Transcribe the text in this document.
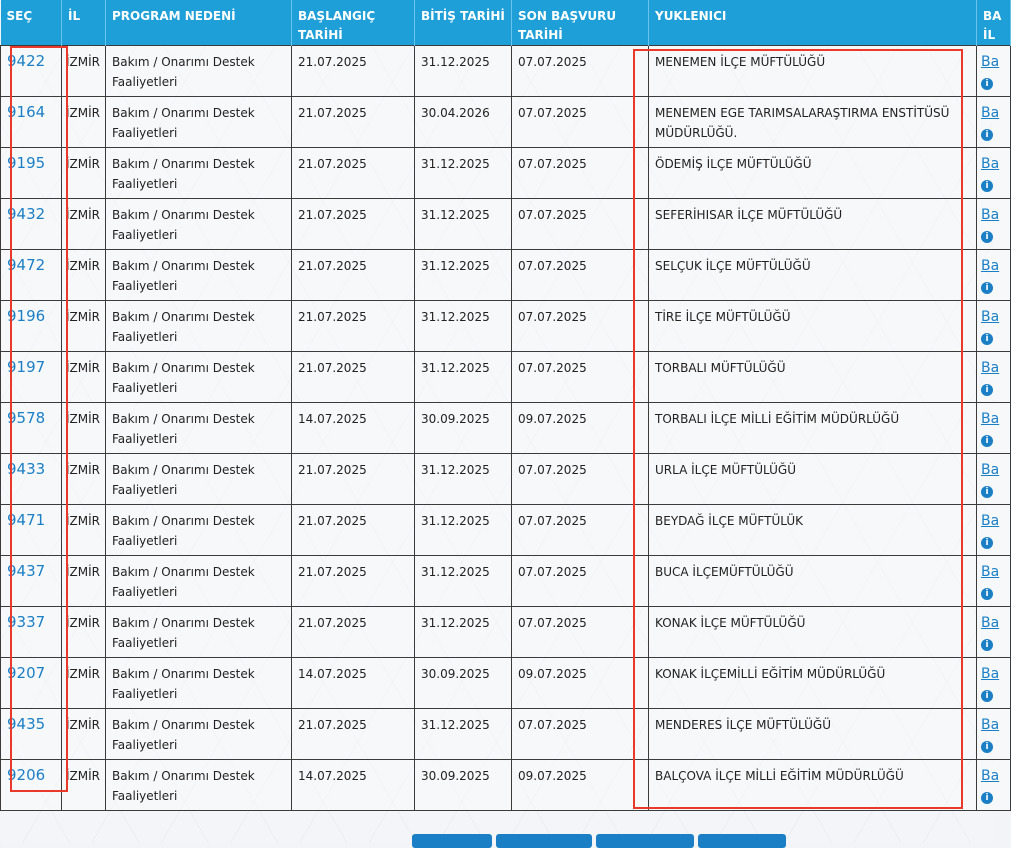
SEÇ	İL	PROGRAM NEDENİ	BAŞLANGIÇ TARİHİ	BİTİŞ TARİHİ	SON BAŞVURU TARİHİ	YUKLENICI	BA İL
9422	İZMİR	Bakım / Onarımı Destek Faaliyetleri	21.07.2025	31.12.2025	07.07.2025	MENEMEN İLÇE MÜFTÜLÜĞÜ	Ba
i
9164	İZMİR	Bakım / Onarımı Destek Faaliyetleri	21.07.2025	30.04.2026	07.07.2025	MENEMEN EGE TARIMSALARAŞTIRMA ENSTİTÜSÜ MÜDÜRLÜĞÜ.	Ba
i
9195	İZMİR	Bakım / Onarımı Destek Faaliyetleri	21.07.2025	31.12.2025	07.07.2025	ÖDEMİŞ İLÇE MÜFTÜLÜĞÜ	Ba
i
9432	İZMİR	Bakım / Onarımı Destek Faaliyetleri	21.07.2025	31.12.2025	07.07.2025	SEFERİHISAR İLÇE MÜFTÜLÜĞÜ	Ba
i
9472	İZMİR	Bakım / Onarımı Destek Faaliyetleri	21.07.2025	31.12.2025	07.07.2025	SELÇUK İLÇE MÜFTÜLÜĞÜ	Ba
i
9196	İZMİR	Bakım / Onarımı Destek Faaliyetleri	21.07.2025	31.12.2025	07.07.2025	TİRE İLÇE MÜFTÜLÜĞÜ	Ba
i
9197	İZMİR	Bakım / Onarımı Destek Faaliyetleri	21.07.2025	31.12.2025	07.07.2025	TORBALI MÜFTÜLÜĞÜ	Ba
i
9578	İZMİR	Bakım / Onarımı Destek Faaliyetleri	14.07.2025	30.09.2025	09.07.2025	TORBALI İLÇE MİLLİ EĞİTİM MÜDÜRLÜĞÜ	Ba
i
9433	İZMİR	Bakım / Onarımı Destek Faaliyetleri	21.07.2025	31.12.2025	07.07.2025	URLA İLÇE MÜFTÜLÜĞÜ	Ba
i
9471	İZMİR	Bakım / Onarımı Destek Faaliyetleri	21.07.2025	31.12.2025	07.07.2025	BEYDAĞ İLÇE MÜFTÜLÜK	Ba
i
9437	İZMİR	Bakım / Onarımı Destek Faaliyetleri	21.07.2025	31.12.2025	07.07.2025	BUCA İLÇEMÜFTÜLÜĞÜ	Ba
i
9337	İZMİR	Bakım / Onarımı Destek Faaliyetleri	21.07.2025	31.12.2025	07.07.2025	KONAK İLÇE MÜFTÜLÜĞÜ	Ba
i
9207	İZMİR	Bakım / Onarımı Destek Faaliyetleri	14.07.2025	30.09.2025	09.07.2025	KONAK İLÇEMİLLİ EĞİTİM MÜDÜRLÜĞÜ	Ba
i
9435	İZMİR	Bakım / Onarımı Destek Faaliyetleri	21.07.2025	31.12.2025	07.07.2025	MENDERES İLÇE MÜFTÜLÜĞÜ	Ba
i
9206	İZMİR	Bakım / Onarımı Destek Faaliyetleri	14.07.2025	30.09.2025	09.07.2025	BALÇOVA İLÇE MİLLİ EĞİTİM MÜDÜRLÜĞÜ	Ba
i
